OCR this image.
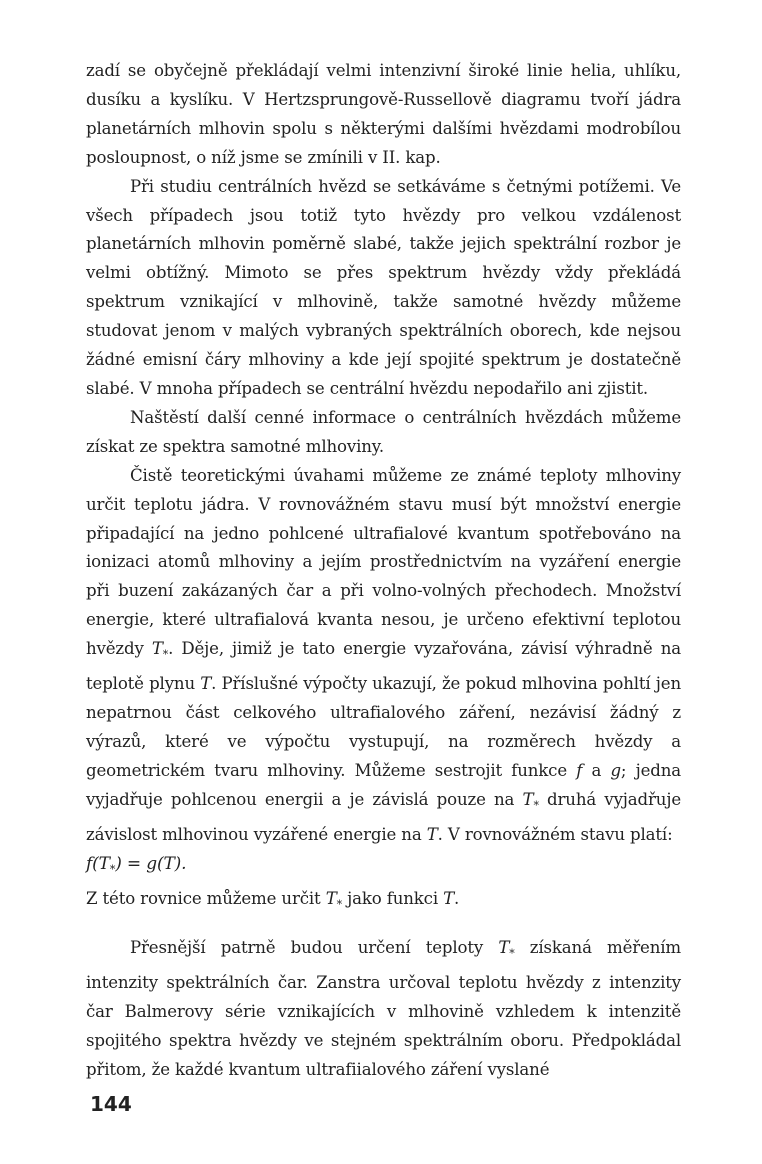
zadí se obyčejně překládají velmi intenzivní široké linie helia, uhlíku, dusíku a kyslíku. V Hertzsprungově-Russellově diagramu tvoří jádra planetárních mlhovin spolu s některými dalšími hvězdami modrobílou posloupnost, o níž jsme se zmínili v II. kap.

Při studiu centrálních hvězd se setkáváme s četnými potížemi. Ve všech případech jsou totiž tyto hvězdy pro velkou vzdálenost planetárních mlhovin poměrně slabé, takže jejich spektrální rozbor je velmi obtížný. Mimoto se přes spektrum hvězdy vždy překládá spektrum vznikající v mlhovině, takže samotné hvězdy můžeme studovat jenom v malých vybraných spektrálních oborech, kde nejsou žádné emisní čáry mlhoviny a kde její spojité spektrum je dostatečně slabé. V mnoha případech se centrální hvězdu nepodařilo ani zjistit.

Naštěstí další cenné informace o centrálních hvězdách můžeme získat ze spektra samotné mlhoviny.

Čistě teoretickými úvahami můžeme ze známé teploty mlhoviny určit teplotu jádra. V rovnovážném stavu musí být množství energie připadající na jedno pohlcené ultrafialové kvantum spotřebováno na ionizaci atomů mlhoviny a jejím prostřednictvím na vyzáření energie při buzení zakázaných čar a při volno-volných přechodech. Množství energie, které ultrafialová kvanta nesou, je určeno efektivní teplotou hvězdy $T_*$. Děje, jimiž je tato energie vyzařována, závisí výhradně na teplotě plynu T. Příslušné výpočty ukazují, že pokud mlhovina pohltí jen nepatrnou část celkového ultrafialového záření, nezávisí žádný z výrazů, které ve výpočtu vystupují, na rozměrech hvězdy a geometrickém tvaru mlhoviny. Můžeme sestrojit funkce f a g; jedna vyjadřuje pohlcenou energii a je závislá pouze na $T_*$ druhá vyjadřuje závislost mlhovinou vyzářené energie na T. V rovnovážném stavu platí:

$f(T_*) = g(T)$.

Z této rovnice můžeme určit $T_*$ jako funkci T.

Přesnější patrně budou určení teploty $T_*$ získaná měřením intenzity spektrálních čar. Zanstra určoval teplotu hvězdy z intenzity čar Balmerovy série vznikajících v mlhovině vzhledem k intenzitě spojitého spektra hvězdy ve stejném spektrálním oboru. Předpokládal přitom, že každé kvantum ultrafiialového záření vyslané

144
